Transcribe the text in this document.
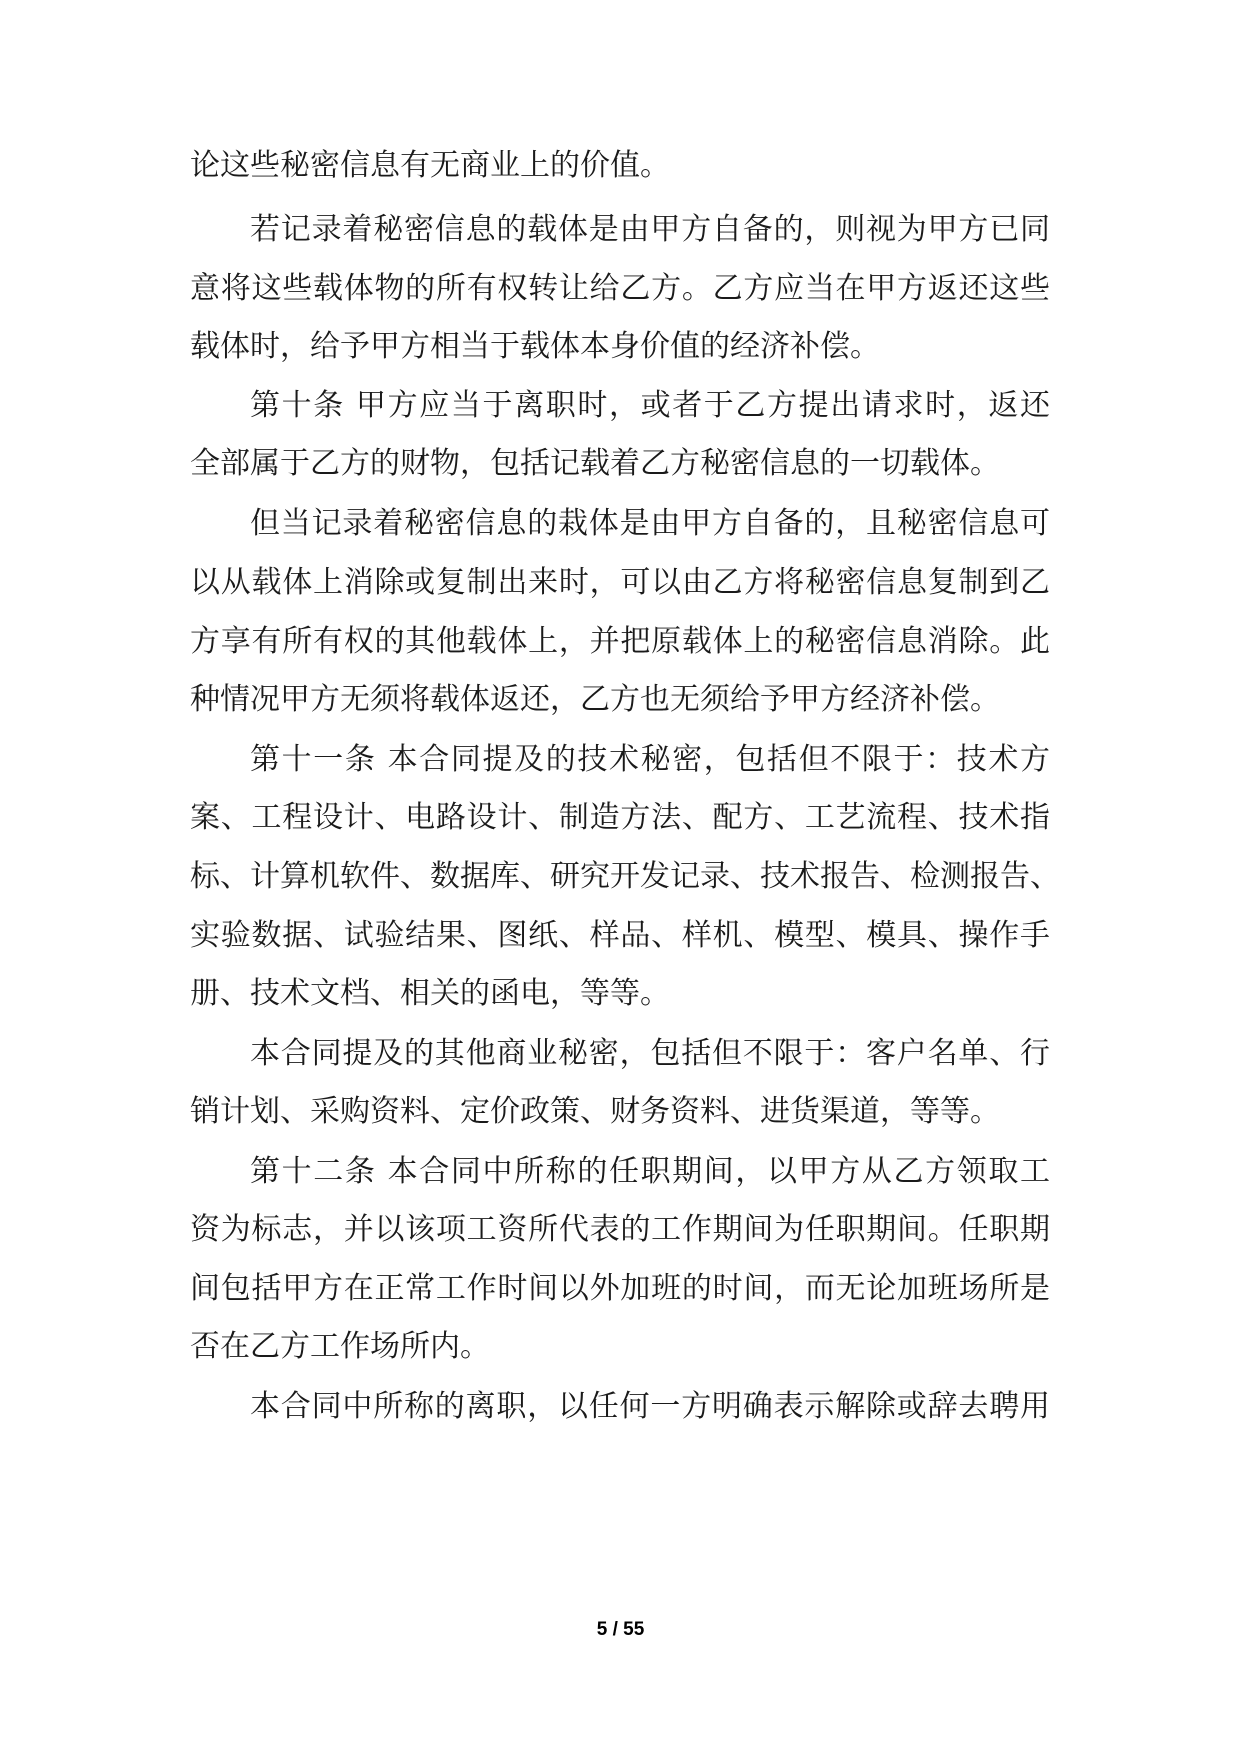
论这些秘密信息有无商业上的价值。
若记录着秘密信息的载体是由甲方自备的，则视为甲方已同
意将这些载体物的所有权转让给乙方。乙方应当在甲方返还这些
载体时，给予甲方相当于载体本身价值的经济补偿。
第十条 甲方应当于离职时，或者于乙方提出请求时，返还
全部属于乙方的财物，包括记载着乙方秘密信息的一切载体。
但当记录着秘密信息的栽体是由甲方自备的，且秘密信息可
以从载体上消除或复制出来时，可以由乙方将秘密信息复制到乙
方享有所有权的其他载体上，并把原载体上的秘密信息消除。此
种情况甲方无须将载体返还，乙方也无须给予甲方经济补偿。
第十一条 本合同提及的技术秘密，包括但不限于：技术方
案、工程设计、电路设计、制造方法、配方、工艺流程、技术指
标、计算机软件、数据库、研究开发记录、技术报告、检测报告、
实验数据、试验结果、图纸、样品、样机、模型、模具、操作手
册、技术文档、相关的函电，等等。
本合同提及的其他商业秘密，包括但不限于：客户名单、行
销计划、采购资料、定价政策、财务资料、进货渠道，等等。
第十二条 本合同中所称的任职期间，以甲方从乙方领取工
资为标志，并以该项工资所代表的工作期间为任职期间。任职期
间包括甲方在正常工作时间以外加班的时间，而无论加班场所是
否在乙方工作场所内。
本合同中所称的离职，以任何一方明确表示解除或辞去聘用
5 / 55
